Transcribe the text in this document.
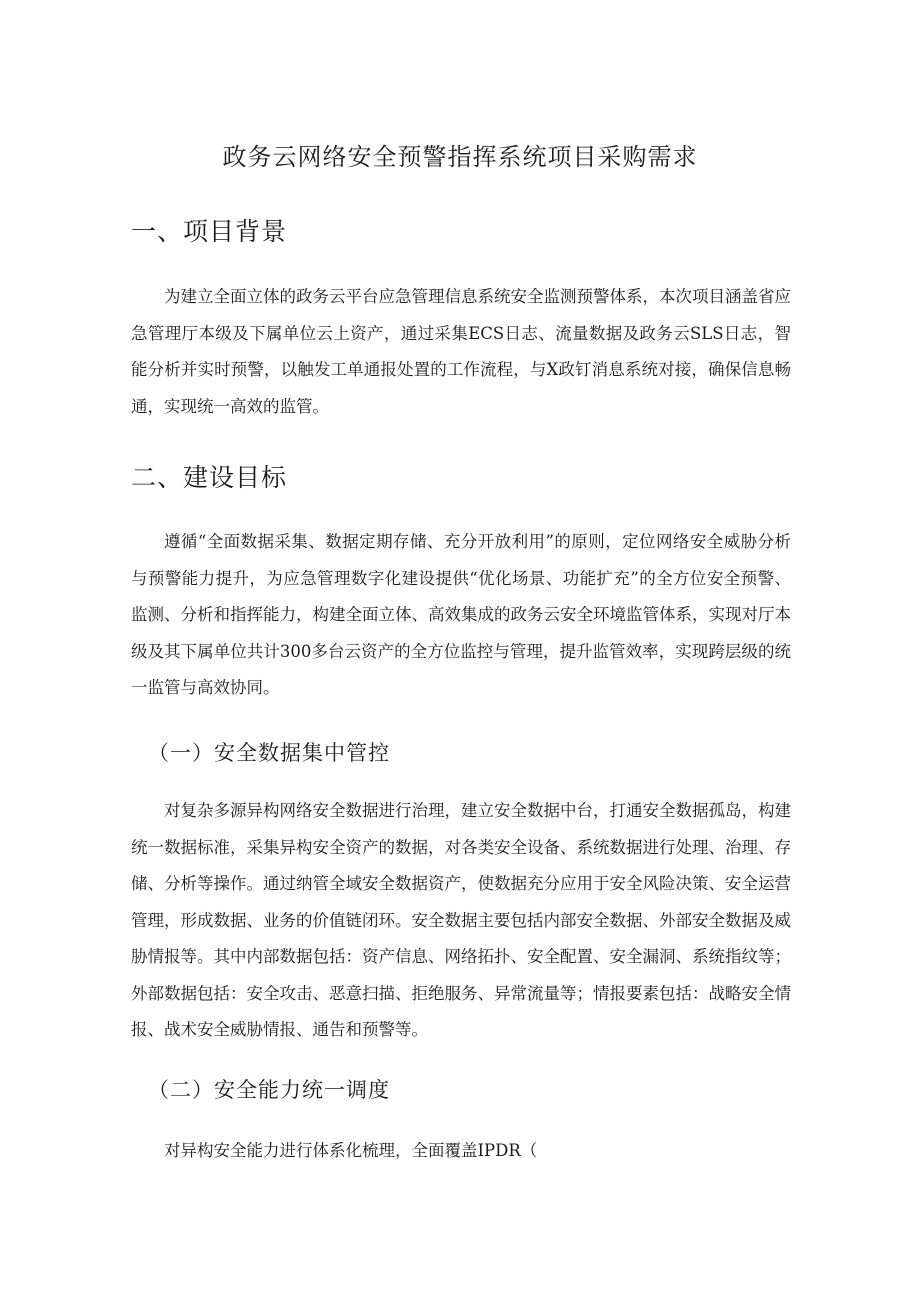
政务云网络安全预警指挥系统项目采购需求
一、项目背景

为建立全面立体的政务云平台应急管理信息系统安全监测预警体系，本次项目涵盖省应急管理厅本级及下属单位云上资产，通过采集ECS日志、流量数据及政务云SLS日志，智能分析并实时预警，以触发工单通报处置的工作流程，与X政钉消息系统对接，确保信息畅通，实现统一高效的监管。

二、建设目标

遵循“全面数据采集、数据定期存储、充分开放利用”的原则，定位网络安全威胁分析与预警能力提升，为应急管理数字化建设提供“优化场景、功能扩充”的全方位安全预警、监测、分析和指挥能力，构建全面立体、高效集成的政务云安全环境监管体系，实现对厅本级及其下属单位共计300多台云资产的全方位监控与管理，提升监管效率，实现跨层级的统一监管与高效协同。

（一）安全数据集中管控

对复杂多源异构网络安全数据进行治理，建立安全数据中台，打通安全数据孤岛，构建统一数据标准，采集异构安全资产的数据，对各类安全设备、系统数据进行处理、治理、存储、分析等操作。通过纳管全域安全数据资产，使数据充分应用于安全风险决策、安全运营管理，形成数据、业务的价值链闭环。安全数据主要包括内部安全数据、外部安全数据及威胁情报等。其中内部数据包括：资产信息、网络拓扑、安全配置、安全漏洞、系统指纹等；外部数据包括：安全攻击、恶意扫描、拒绝服务、异常流量等；情报要素包括：战略安全情报、战术安全威胁情报、通告和预警等。

（二）安全能力统一调度

对异构安全能力进行体系化梳理，全面覆盖IPDR（
